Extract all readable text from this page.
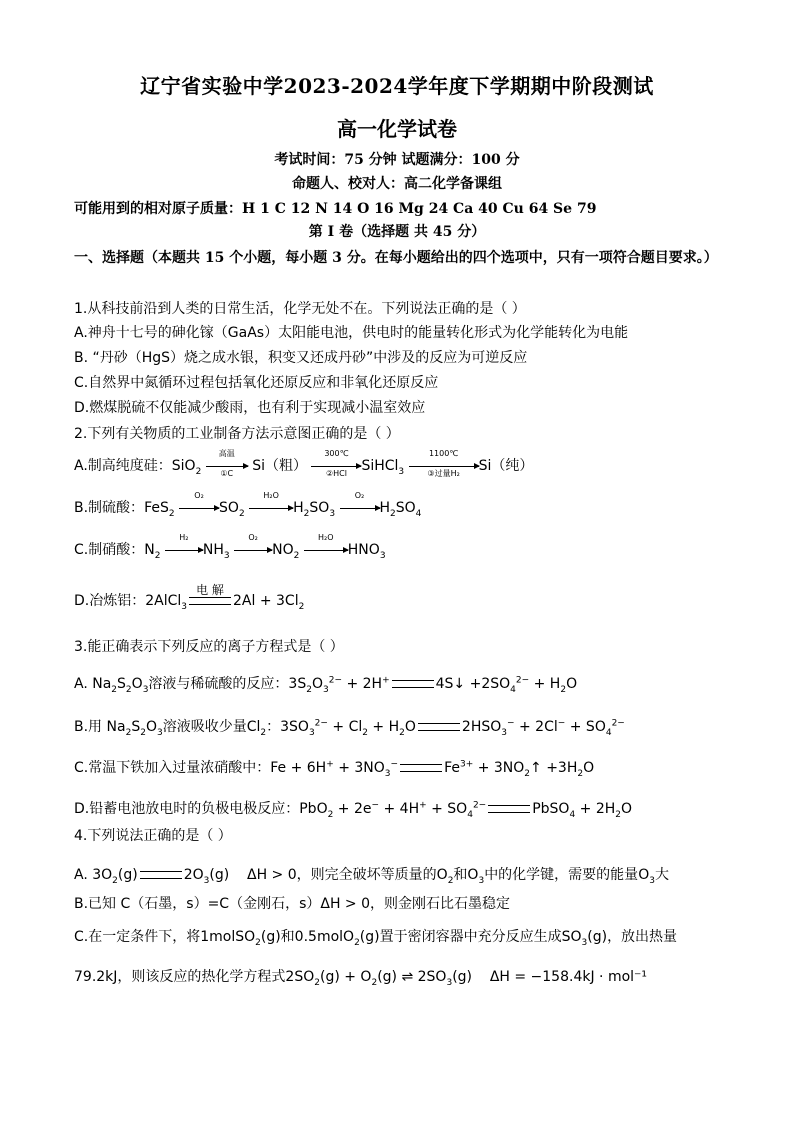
辽宁省实验中学2023-2024学年度下学期期中阶段测试
高一化学试卷
考试时间：75 分钟 试题满分：100 分
命题人、校对人：高二化学备课组
可能用到的相对原子质量：H 1 C 12 N 14 O 16 Mg 24 Ca 40 Cu 64 Se 79
第 I 卷（选择题 共 45 分）
一、选择题（本题共 15 个小题，每小题 3 分。在每小题给出的四个选项中，只有一项符合题目要求。）
1.从科技前沿到人类的日常生活，化学无处不在。下列说法正确的是（ ）
A.神舟十七号的砷化镓（GaAs）太阳能电池，供电时的能量转化形式为化学能转化为电能
B. “丹砂（HgS）烧之成水银，积变又还成丹砂”中涉及的反应为可逆反应
C.自然界中氮循环过程包括氧化还原反应和非氧化还原反应
D.燃煤脱硫不仅能减少酸雨，也有利于实现减小温室效应
2.下列有关物质的工业制备方法示意图正确的是（ ）
A.制高纯度硅：SiO$_2$
高温
①C	Si（粗）
300℃
②HCl	SiHCl$_3$
1100℃
③过量H₂	Si（纯）
B.制硫酸：FeS$_2$
O₂
$SO_2$
H₂O
$H_2SO_3$
O₂
$H_2SO_4$
C.制硝酸：$N_2$
H₂
$NH_3$
O₂
$NO_2$
H₂O
$HNO_3$
D.冶炼铝：2AlCl$_3$
电 解
$2Al + 3Cl_2$
3.能正确表示下列反应的离子方程式是（ ）
A. $Na_2S_2O_3$溶液与稀硫酸的反应：$3S_2O_3^{2-} + 2H^+$	4S↓ $+2SO_4^{2-} + H_2O$
B.用 $Na_2S_2O_3$溶液吸收少量$Cl_2$：$3SO_3^{2-} + Cl_2 + H_2O$	$2HSO_3^- + 2Cl^- + SO_4^{2-}$
C.常温下铁加入过量浓硝酸中：$Fe + 6H^+ + 3NO_3^-$	$Fe^{3+}$ + $3NO_2↑ +3H_2O$
D.铅蓄电池放电时的负极电极反应：$PbO_2 + 2e^- + 4H^+ + SO_4^{2-}$	PbSO$_4$ + $2H_2O$
4.下列说法正确的是（ ）
A. $3O_2(g)$	$2O_3(g)$    ΔH > 0，则完全破坏等质量的$O_2$和$O_3$中的化学键，需要的能量$O_3$大
B.已知 C（石墨，s）=C（金刚石，s）ΔH > 0，则金刚石比石墨稳定
C.在一定条件下，将1molSO$_2$(g)和0.5molO$_2$(g)置于密闭容器中充分反应生成$SO_3(g)$，放出热量
79.2kJ，则该反应的热化学方程式$2SO_2(g) + O_2(g)$ ⇌ $2SO_3(g)$    ΔH = −158.4kJ · mol⁻¹
